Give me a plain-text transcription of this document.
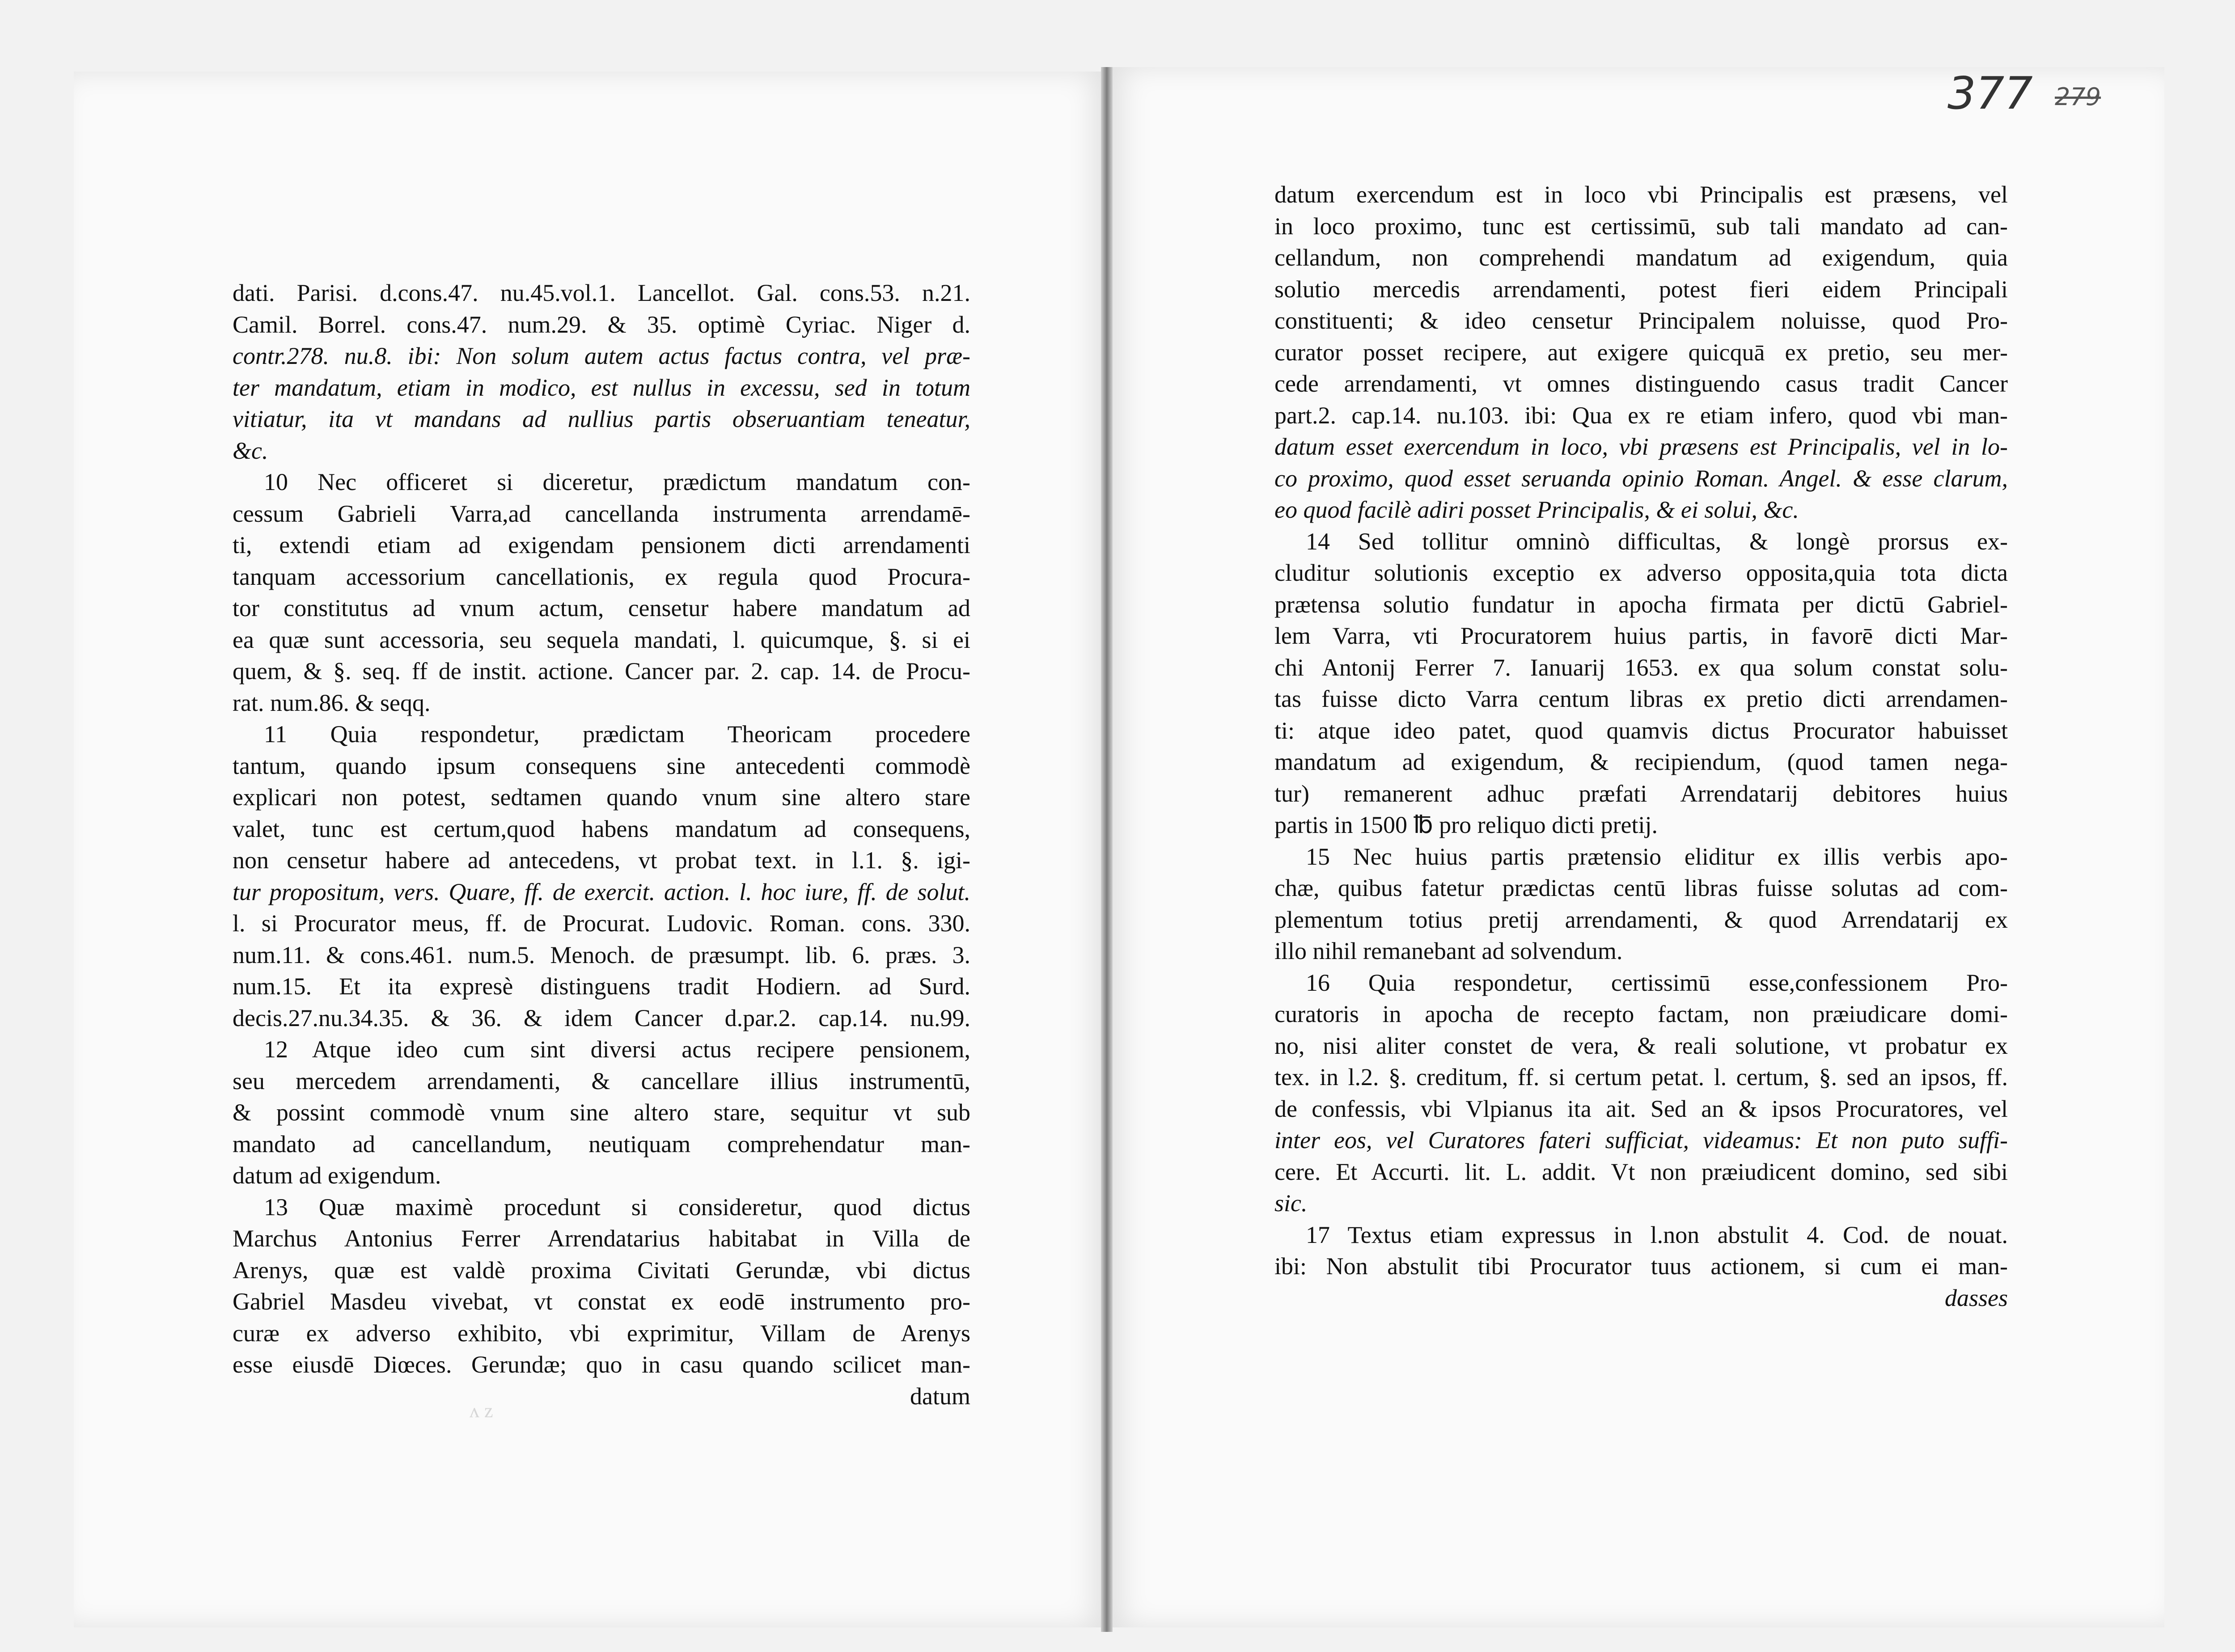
ᴧ ᴢ
377 279
dati. Parisi. d.cons.47. nu.45.vol.1. Lancellot. Gal. cons.53. n.21.
Camil. Borrel. cons.47. num.29. & 35. optimè Cyriac. Niger d.
contr.278. nu.8. ibi: Non solum autem actus factus contra, vel præ-
ter mandatum, etiam in modico, est nullus in excessu, sed in totum
vitiatur, ita vt mandans ad nullius partis obseruantiam teneatur,
&c.
10 Nec officeret si diceretur, prædictum mandatum con-
cessum Gabrieli Varra,ad cancellanda instrumenta arrendamē-
ti, extendi etiam ad exigendam pensionem dicti arrendamenti
tanquam accessorium cancellationis, ex regula quod Procura-
tor constitutus ad vnum actum, censetur habere mandatum ad
ea quæ sunt accessoria, seu sequela mandati, l. quicumque, §. si ei
quem, & §. seq. ff de instit. actione. Cancer par. 2. cap. 14. de Procu-
rat. num.86. & seqq.
11 Quia respondetur, prædictam Theoricam procedere
tantum, quando ipsum consequens sine antecedenti commodè
explicari non potest, sedtamen quando vnum sine altero stare
valet, tunc est certum,quod habens mandatum ad consequens,
non censetur habere ad antecedens, vt probat text. in l.1. §. igi-
tur propositum, vers. Quare, ff. de exercit. action. l. hoc iure, ff. de solut.
l. si Procurator meus, ff. de Procurat. Ludovic. Roman. cons. 330.
num.11. & cons.461. num.5. Menoch. de præsumpt. lib. 6. præs. 3.
num.15. Et ita expresè distinguens tradit Hodiern. ad Surd.
decis.27.nu.34.35. & 36. & idem Cancer d.par.2. cap.14. nu.99.
12 Atque ideo cum sint diversi actus recipere pensionem,
seu mercedem arrendamenti, & cancellare illius instrumentū,
& possint commodè vnum sine altero stare, sequitur vt sub
mandato ad cancellandum, neutiquam comprehendatur man-
datum ad exigendum.
13 Quæ maximè procedunt si consideretur, quod dictus
Marchus Antonius Ferrer Arrendatarius habitabat in Villa de
Arenys, quæ est valdè proxima Civitati Gerundæ, vbi dictus
Gabriel Masdeu vivebat, vt constat ex eodē instrumento pro-
curæ ex adverso exhibito, vbi exprimitur, Villam de Arenys
esse eiusdē Diœces. Gerundæ; quo in casu quando scilicet man-
datum
datum exercendum est in loco vbi Principalis est præsens, vel
in loco proximo, tunc est certissimū, sub tali mandato ad can-
cellandum, non comprehendi mandatum ad exigendum, quia
solutio mercedis arrendamenti, potest fieri eidem Principali
constituenti; & ideo censetur Principalem noluisse, quod Pro-
curator posset recipere, aut exigere quicquā ex pretio, seu mer-
cede arrendamenti, vt omnes distinguendo casus tradit Cancer
part.2. cap.14. nu.103. ibi: Qua ex re etiam infero, quod vbi man-
datum esset exercendum in loco, vbi præsens est Principalis, vel in lo-
co proximo, quod esset seruanda opinio Roman. Angel. & esse clarum,
eo quod facilè adiri posset Principalis, & ei solui, &c.
14 Sed tollitur omninò difficultas, & longè prorsus ex-
cluditur solutionis exceptio ex adverso opposita,quia tota dicta
prætensa solutio fundatur in apocha firmata per dictū Gabriel-
lem Varra, vti Procuratorem huius partis, in favorē dicti Mar-
chi Antonij Ferrer 7. Ianuarij 1653. ex qua solum constat solu-
tas fuisse dicto Varra centum libras ex pretio dicti arrendamen-
ti: atque ideo patet, quod quamvis dictus Procurator habuisset
mandatum ad exigendum, & recipiendum, (quod tamen nega-
tur) remanerent adhuc præfati Arrendatarij debitores huius
partis in 1500 ℔ pro reliquo dicti pretij.
15 Nec huius partis prætensio eliditur ex illis verbis apo-
chæ, quibus fatetur prædictas centū libras fuisse solutas ad com-
plementum totius pretij arrendamenti, & quod Arrendatarij ex
illo nihil remanebant ad solvendum.
16 Quia respondetur, certissimū esse,confessionem Pro-
curatoris in apocha de recepto factam, non præiudicare domi-
no, nisi aliter constet de vera, & reali solutione, vt probatur ex
tex. in l.2. §. creditum, ff. si certum petat. l. certum, §. sed an ipsos, ff.
de confessis, vbi Vlpianus ita ait. Sed an & ipsos Procuratores, vel
inter eos, vel Curatores fateri sufficiat, videamus: Et non puto suffi-
cere. Et Accurti. lit. L. addit. Vt non præiudicent domino, sed sibi
sic.
17 Textus etiam expressus in l.non abstulit 4. Cod. de nouat.
ibi: Non abstulit tibi Procurator tuus actionem, si cum ei man-
dasses
